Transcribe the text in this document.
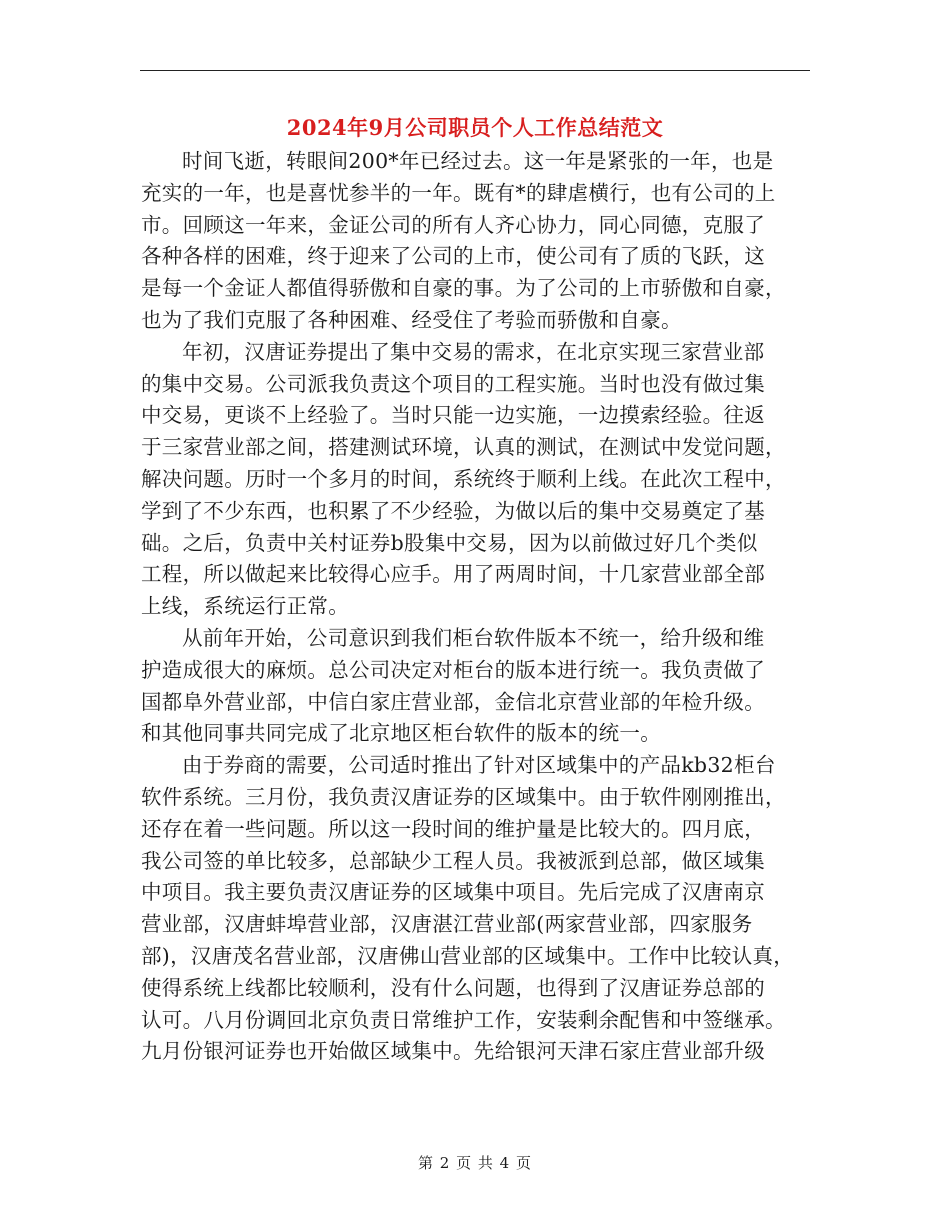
2024年9月公司职员个人工作总结范文
时间飞逝，转眼间200*年已经过去。这一年是紧张的一年，也是
充实的一年，也是喜忧参半的一年。既有*的肆虐横行，也有公司的上
市。回顾这一年来，金证公司的所有人齐心协力，同心同德，克服了
各种各样的困难，终于迎来了公司的上市，使公司有了质的飞跃，这
是每一个金证人都值得骄傲和自豪的事。为了公司的上市骄傲和自豪，
也为了我们克服了各种困难、经受住了考验而骄傲和自豪。
年初，汉唐证券提出了集中交易的需求，在北京实现三家营业部
的集中交易。公司派我负责这个项目的工程实施。当时也没有做过集
中交易，更谈不上经验了。当时只能一边实施，一边摸索经验。往返
于三家营业部之间，搭建测试环境，认真的测试，在测试中发觉问题，
解决问题。历时一个多月的时间，系统终于顺利上线。在此次工程中，
学到了不少东西，也积累了不少经验，为做以后的集中交易奠定了基
础。之后，负责中关村证券b股集中交易，因为以前做过好几个类似
工程，所以做起来比较得心应手。用了两周时间，十几家营业部全部
上线，系统运行正常。
从前年开始，公司意识到我们柜台软件版本不统一，给升级和维
护造成很大的麻烦。总公司决定对柜台的版本进行统一。我负责做了
国都阜外营业部，中信白家庄营业部，金信北京营业部的年检升级。
和其他同事共同完成了北京地区柜台软件的版本的统一。
由于券商的需要，公司适时推出了针对区域集中的产品kb32柜台
软件系统。三月份，我负责汉唐证券的区域集中。由于软件刚刚推出，
还存在着一些问题。所以这一段时间的维护量是比较大的。四月底，
我公司签的单比较多，总部缺少工程人员。我被派到总部，做区域集
中项目。我主要负责汉唐证券的区域集中项目。先后完成了汉唐南京
营业部，汉唐蚌埠营业部，汉唐湛江营业部(两家营业部，四家服务
部)，汉唐茂名营业部，汉唐佛山营业部的区域集中。工作中比较认真，
使得系统上线都比较顺利，没有什么问题，也得到了汉唐证券总部的
认可。八月份调回北京负责日常维护工作，安装剩余配售和中签继承。
九月份银河证券也开始做区域集中。先给银河天津石家庄营业部升级
第 2 页 共 4 页
